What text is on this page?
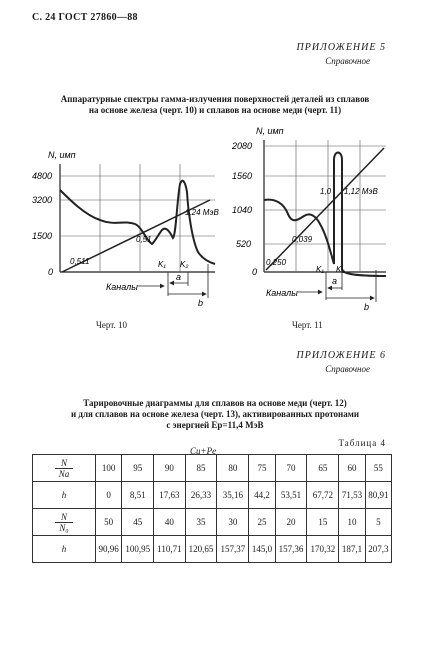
С. 24 ГОСТ 27860—88
ПРИЛОЖЕНИЕ 5
Справочное
Аппаратурные спектры гамма-излучения поверхностей деталей из сплавов
на основе железа (черт. 10) и сплавов на основе меди (черт. 11)
N, имп
4800
3200
1500
0
0,511
0,51
1,24 МэВ
K₁ K₂
a
b
Каналы
Черт. 10
N, имп
2080
1560
1040
520
0
0,250
0,039
1,0 1,12 МэВ
K₁ K₂
a
b
Каналы
Черт. 11
ПРИЛОЖЕНИЕ 6
Справочное
Тарировочные диаграммы для сплавов на основе меди (черт. 12)
и для сплавов на основе железа (черт. 13), активированных протонами
с энергией Eр=11,4 МэВ
Таблица 4
Cu+Pe
$\frac{N}{Nа}$	100	95	90	85	80	75	70	65	60	55
h	0	8,51	17,63	26,33	35,16	44,2	53,51	67,72	71,53	80,91

$\frac{N}{\text{N₀}}$	50	45	40	35	30	25	20	15	10	5
h	90,96	100,95	110,71	120,65	157,37	145,0	157,36	170,32	187,1	207,3
